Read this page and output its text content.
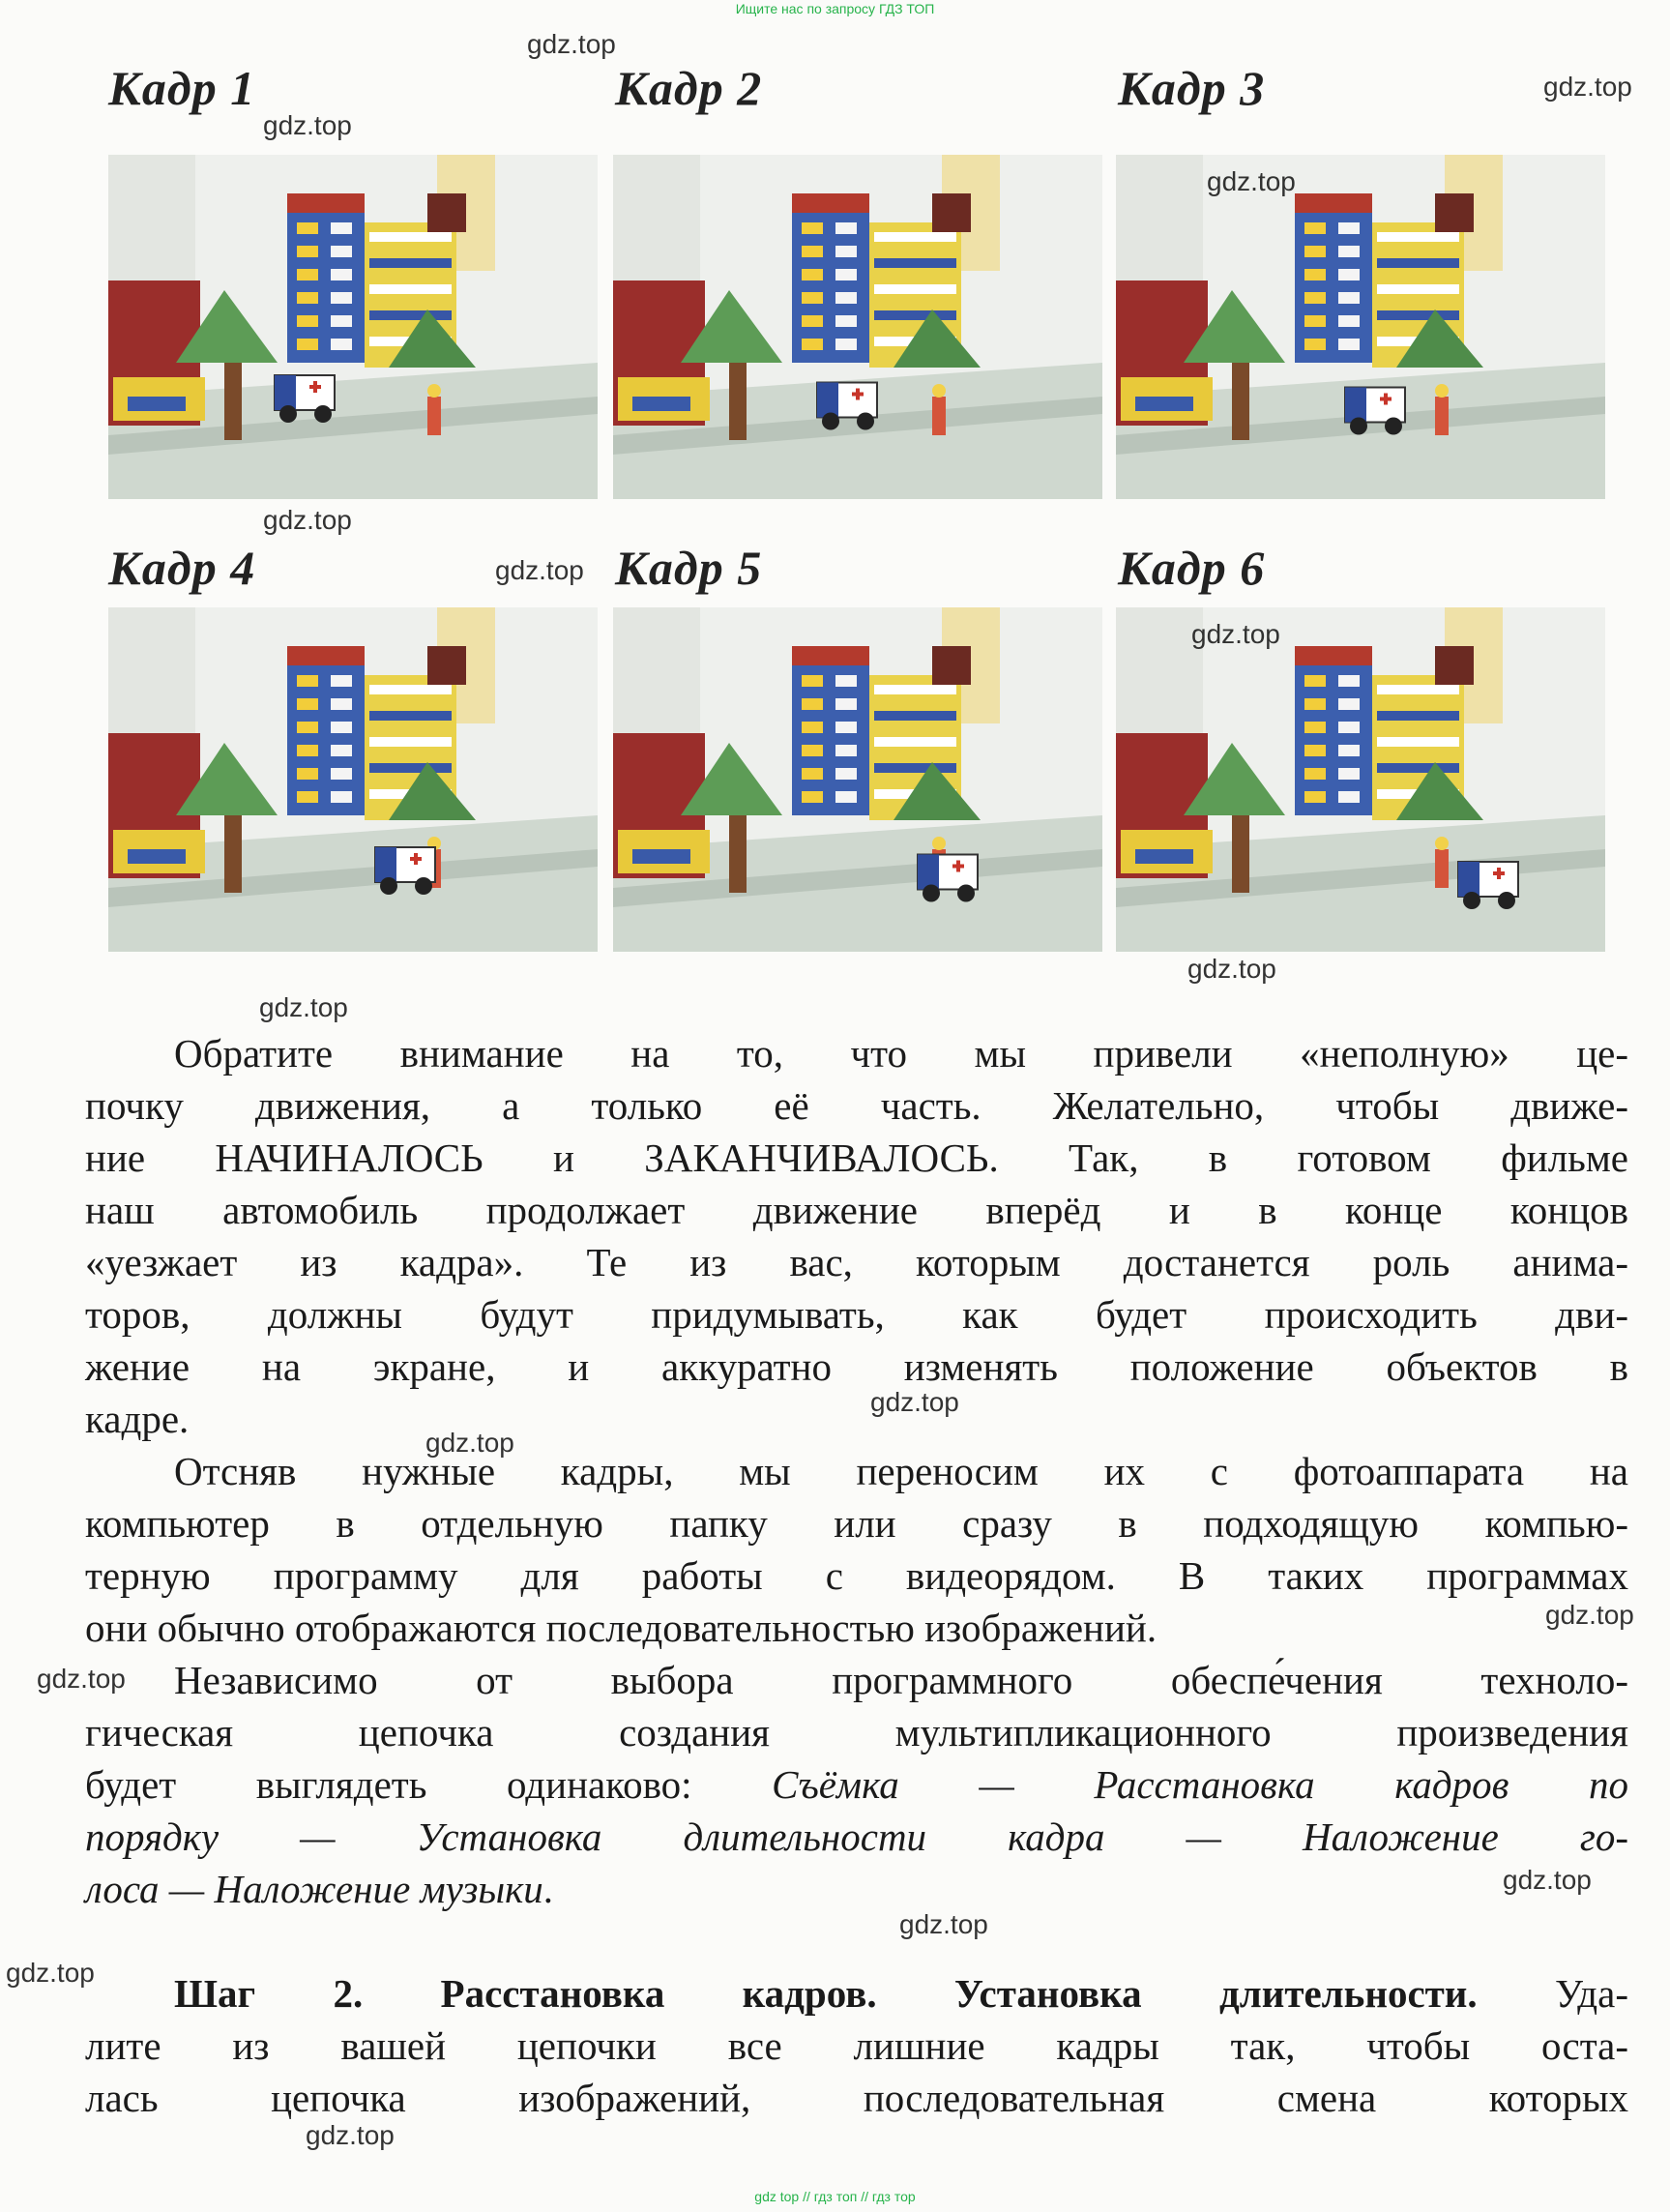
Ищите нас по запросу ГДЗ ТОП
Кадр 1	Кадр 2	Кадр 3
Кадр 4	Кадр 5	Кадр 6
Обратите внимание на то, что мы привели «неполную» це-
почку движения, а только её часть. Желательно, чтобы движе-
ние НАЧИНАЛОСЬ и ЗАКАНЧИВАЛОСЬ. Так, в готовом фильме
наш автомобиль продолжает движение вперёд и в конце концов
«уезжает из кадра». Те из вас, которым достанется роль анима-
торов, должны будут придумывать, как будет происходить дви-
жение на экране, и аккуратно изменять положение объектов в
кадре.
Отсняв нужные кадры, мы переносим их с фотоаппарата на
компьютер в отдельную папку или сразу в подходящую компью-
терную программу для работы с видеорядом. В таких программах
они обычно отображаются последовательностью изображений.
Независимо от выбора программного обеспе́чения техноло-
гическая цепочка создания мультипликационного произведения
будет выглядеть одинаково: Съёмка — Расстановка кадров по
порядку — Установка длительности кадра — Наложение го-
лоса — Наложение музыки.
Шаг 2. Расстановка кадров. Установка длительности. Уда-
лите из вашей цепочки все лишние кадры так, чтобы оста-
лась цепочка изображений, последовательная смена которых
gdz.top
gdz.top
gdz.top
gdz.top
gdz.top
gdz.top
gdz.top
gdz.top
gdz.top
gdz.top
gdz.top
gdz.top
gdz.top
gdz.top
gdz.top
gdz.top
gdz.top
gdz top // гдз топ // гдз тор
